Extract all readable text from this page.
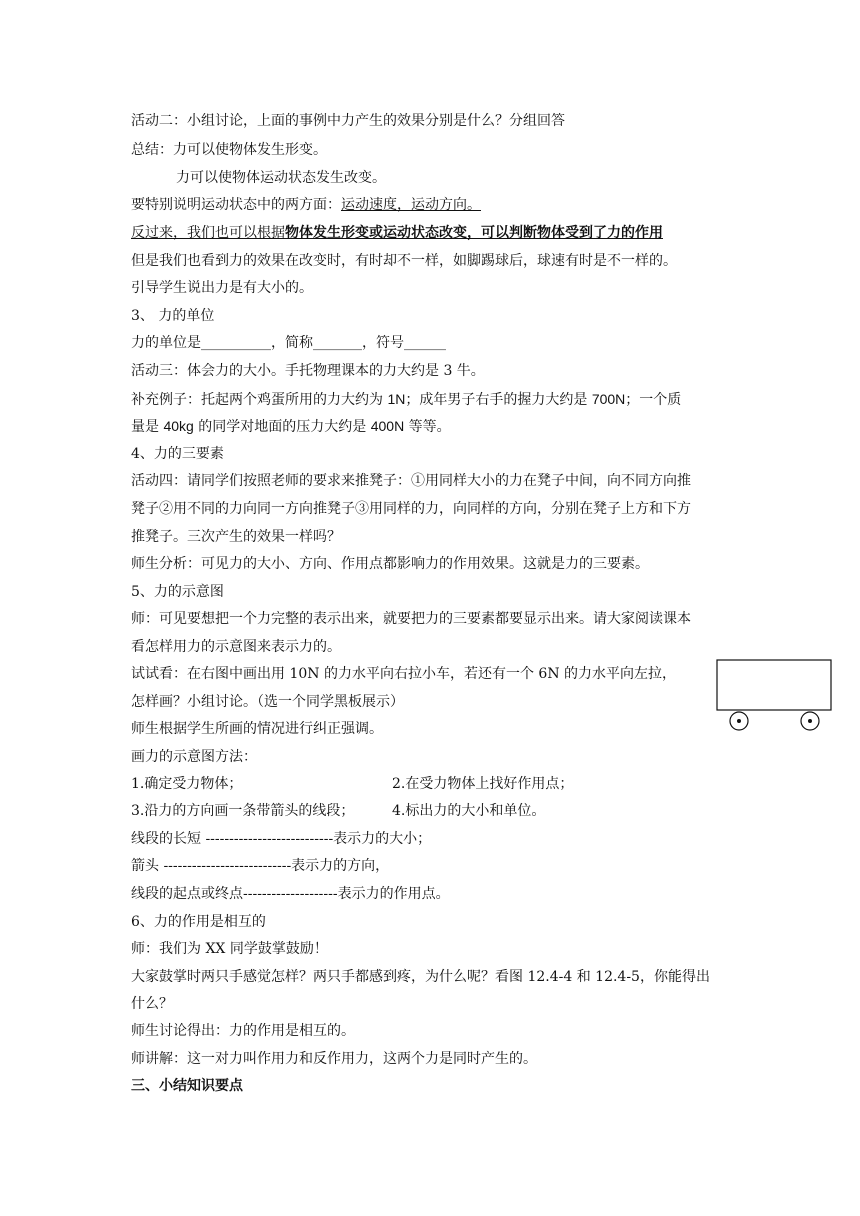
活动二：小组讨论，上面的事例中力产生的效果分别是什么？分组回答
总结：力可以使物体发生形变。
力可以使物体运动状态发生改变。
要特别说明运动状态中的两方面：运动速度，运动方向。
反过来，我们也可以根据物体发生形变或运动状态改变，可以判断物体受到了力的作用
但是我们也看到力的效果在改变时，有时却不一样，如脚踢球后，球速有时是不一样的。
引导学生说出力是有大小的。
3、 力的单位
力的单位是__________，简称_______，符号______
活动三：体会力的大小。手托物理课本的力大约是 3 牛。
补充例子：托起两个鸡蛋所用的力大约为 1N；成年男子右手的握力大约是 700N；一个质
量是 40kg 的同学对地面的压力大约是 400N 等等。
4、力的三要素
活动四：请同学们按照老师的要求来推凳子：①用同样大小的力在凳子中间，向不同方向推
凳子②用不同的力向同一方向推凳子③用同样的力，向同样的方向，分别在凳子上方和下方
推凳子。三次产生的效果一样吗？
师生分析：可见力的大小、方向、作用点都影响力的作用效果。这就是力的三要素。
5、力的示意图
师：可见要想把一个力完整的表示出来，就要把力的三要素都要显示出来。请大家阅读课本
看怎样用力的示意图来表示力的。
试试看：在右图中画出用 10N 的力水平向右拉小车，若还有一个 6N 的力水平向左拉，
怎样画？小组讨论。（选一个同学黑板展示）
师生根据学生所画的情况进行纠正强调。
画力的示意图方法：
1.确定受力物体；	2.在受力物体上找好作用点；
3.沿力的方向画一条带箭头的线段；	4.标出力的大小和单位。
线段的长短 ---------------------------表示力的大小；
箭头 ---------------------------表示力的方向，
线段的起点或终点--------------------表示力的作用点。
6、力的作用是相互的
师：我们为 XX 同学鼓掌鼓励！
大家鼓掌时两只手感觉怎样？两只手都感到疼，为什么呢？看图 12.4-4 和 12.4-5，你能得出
什么？
师生讨论得出：力的作用是相互的。
师讲解：这一对力叫作用力和反作用力，这两个力是同时产生的。
三、小结知识要点
